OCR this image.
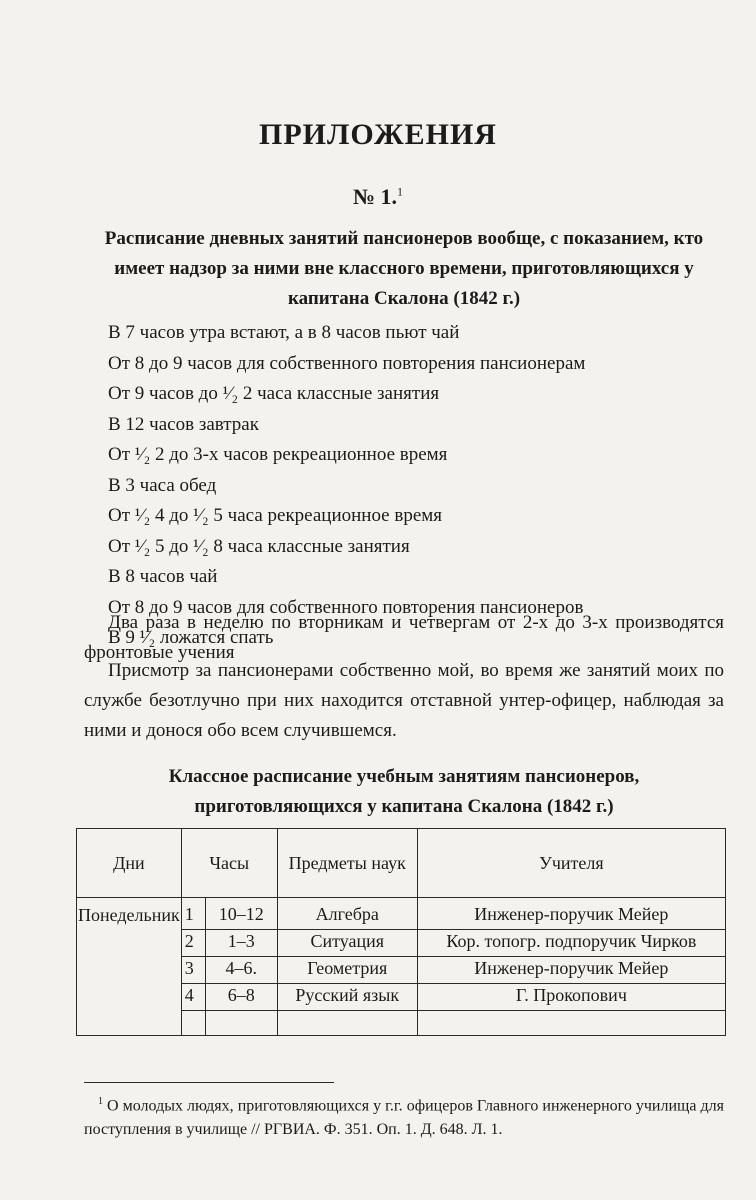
ПРИЛОЖЕНИЯ
№ 1.$^1$
Расписание дневных занятий пансионеров вообще, с показанием, кто имеет надзор за ними вне классного времени, приготовляющихся у капитана Скалона (1842 г.)
В 7 часов утра встают, а в 8 часов пьют чай
От 8 до 9 часов для собственного повторения пансионерам
От 9 часов до ¹⁄₂ 2 часа классные занятия
В 12 часов завтрак
От ¹⁄₂ 2 до 3-х часов рекреационное время
В 3 часа обед
От ¹⁄₂ 4 до ¹⁄₂ 5 часа рекреационное время
От ¹⁄₂ 5 до ¹⁄₂ 8 часа классные занятия
В 8 часов чай
От 8 до 9 часов для собственного повторения пансионеров
В 9 ¹⁄₂ ложатся спать

Два раза в неделю по вторникам и четвергам от 2-х до 3-х производятся фронтовые учения

Присмотр за пансионерами собственно мой, во время же занятий моих по службе безотлучно при них находится отставной унтер-офицер, наблюдая за ними и донося обо всем случившемся.

Классное расписание учебным занятиям пансионеров, приготовляющихся у капитана Скалона (1842 г.)
Дни	Часы		Предметы наук	Учителя
Понедельник	1	10–12	Алгебра	Инженер-поручик Мейер
	2	1–3	Ситуация	Кор. топогр. подпоручик Чирков
	3	4–6.	Геометрия	Инженер-поручик Мейер
	4	6–8	Русский язык	Г. Прокопович

$^1$ О молодых людях, приготовляющихся у г.г. офицеров Главного инженерного училища для поступления в училище // РГВИА. Ф. 351. Оп. 1. Д. 648. Л. 1.
